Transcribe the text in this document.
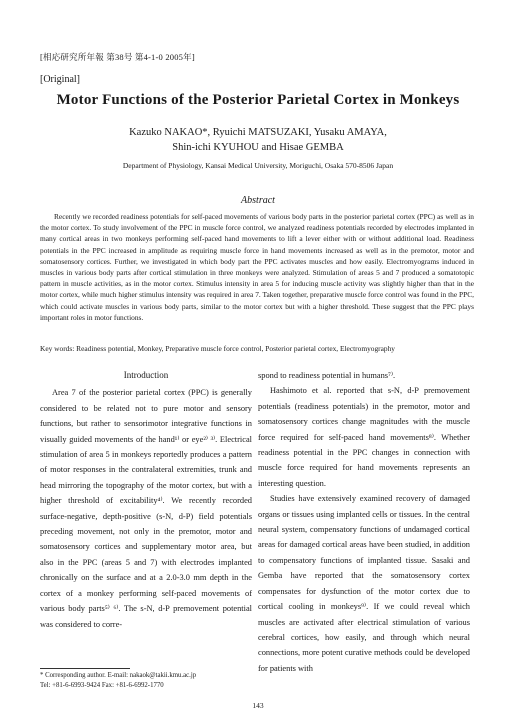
[相応研究所年報 第38号 第4-1-0 2005年]
[Original]
Motor Functions of the Posterior Parietal Cortex in Monkeys
Kazuko NAKAO*, Ryuichi MATSUZAKI, Yusaku AMAYA,
Shin-ichi KYUHOU and Hisae GEMBA
Department of Physiology, Kansai Medical University, Moriguchi, Osaka 570-8506 Japan
Abstract

Recently we recorded readiness potentials for self-paced movements of various body parts in the posterior parietal cortex (PPC) as well as in the motor cortex. To study involvement of the PPC in muscle force control, we analyzed readiness potentials recorded by electrodes implanted in many cortical areas in two monkeys performing self-paced hand movements to lift a lever either with or without additional load. Readiness potentials in the PPC increased in amplitude as requiring muscle force in hand movements increased as well as in the premotor, motor and somatosensory cortices. Further, we investigated in which body part the PPC activates muscles and how easily. Electromyograms induced in muscles in various body parts after cortical stimulation in three monkeys were analyzed. Stimulation of areas 5 and 7 produced a somatotopic pattern in muscle activities, as in the motor cortex. Stimulus intensity in area 5 for inducing muscle activity was slightly higher than that in the motor cortex, while much higher stimulus intensity was required in area 7. Taken together, preparative muscle force control was found in the PPC, which could activate muscles in various body parts, similar to the motor cortex but with a higher threshold. These suggest that the PPC plays important roles in motor functions.

Key words: Readiness potential, Monkey, Preparative muscle force control, Posterior parietal cortex, Electromyography
Introduction

Area 7 of the posterior parietal cortex (PPC) is generally considered to be related not to pure motor and sensory functions, but rather to sensorimotor integrative functions in visually guided movements of the hand¹⁾ or eye²⁾ ³⁾. Electrical stimulation of area 5 in monkeys reportedly produces a pattern of motor responses in the contralateral extremities, trunk and head mirroring the topography of the motor cortex, but with a higher threshold of excitability⁴⁾. We recently recorded surface-negative, depth-positive (s-N, d-P) field potentials preceding movement, not only in the premotor, motor and somatosensory cortices and supplementary motor area, but also in the PPC (areas 5 and 7) with electrodes implanted chronically on the surface and at a 2.0-3.0 mm depth in the cortex of a monkey performing self-paced movements of various body parts⁵⁾ ⁶⁾. The s-N, d-P premovement potential was considered to corre-

spond to readiness potential in humans⁷⁾.

Hashimoto et al. reported that s-N, d-P premovement potentials (readiness potentials) in the premotor, motor and somatosensory cortices change magnitudes with the muscle force required for self-paced hand movements⁸⁾. Whether readiness potential in the PPC changes in connection with muscle force required for hand movements represents an interesting question.

Studies have extensively examined recovery of damaged organs or tissues using implanted cells or tissues. In the central neural system, compensatory functions of undamaged cortical areas for damaged cortical areas have been studied, in addition to compensatory functions of implanted tissue. Sasaki and Gemba have reported that the somatosensory cortex compensates for dysfunction of the motor cortex due to cortical cooling in monkeys⁹⁾. If we could reveal which muscles are activated after electrical stimulation of various cerebral cortices, how easily, and through which neural connections, more potent curative methods could be developed for patients with

* Corresponding author. E-mail: nakaok@takii.kmu.ac.jp
Tel: +81-6-6993-9424 Fax: +81-6-6992-1770
143
